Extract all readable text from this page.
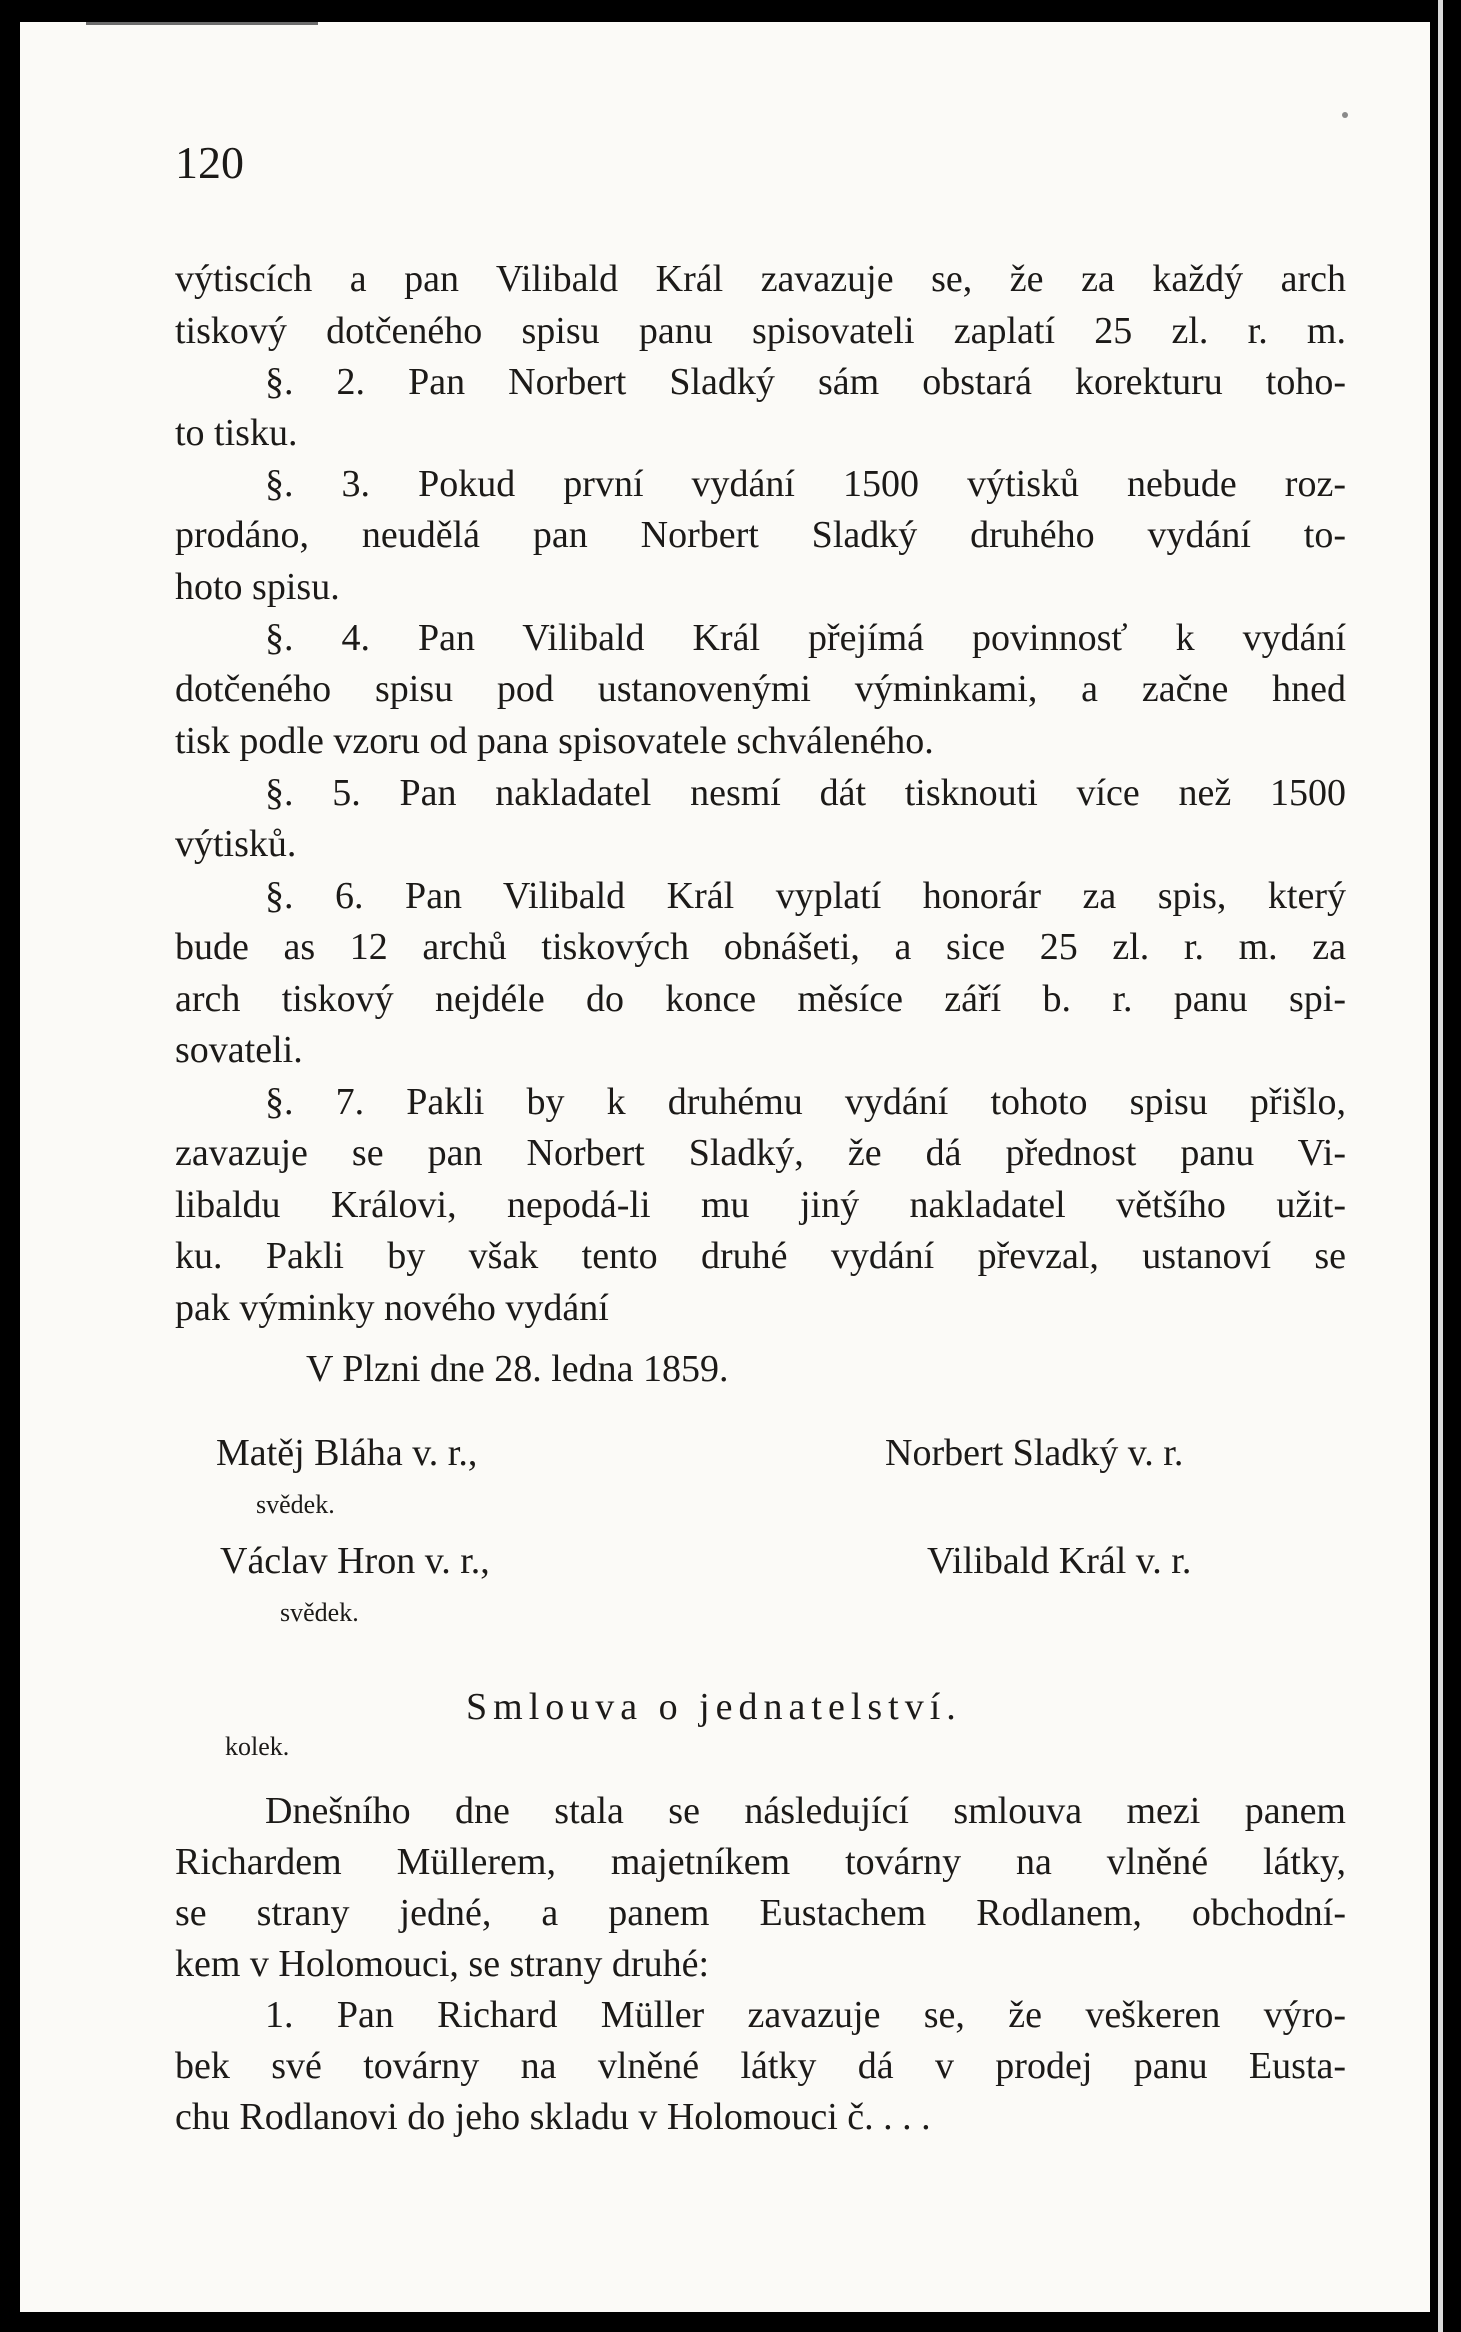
120
výtiscích a pan Vilibald Král zavazuje se, že za každý arch
tiskový dotčeného spisu panu spisovateli zaplatí 25 zl. r. m.
§. 2. Pan Norbert Sladký sám obstará korekturu toho-
to tisku.
§. 3. Pokud první vydání 1500 výtisků nebude roz-
prodáno, neudělá pan Norbert Sladký druhého vydání to-
hoto spisu.
§. 4. Pan Vilibald Král přejímá povinnosť k vydání
dotčeného spisu pod ustanovenými výminkami, a začne hned
tisk podle vzoru od pana spisovatele schváleného.
§. 5. Pan nakladatel nesmí dát tisknouti více než 1500
výtisků.
§. 6. Pan Vilibald Král vyplatí honorár za spis, který
bude as 12 archů tiskových obnášeti, a sice 25 zl. r. m. za
arch tiskový nejdéle do konce měsíce září b. r. panu spi-
sovateli.
§. 7. Pakli by k druhému vydání tohoto spisu přišlo,
zavazuje se pan Norbert Sladký, že dá přednost panu Vi-
libaldu Královi, nepodá-li mu jiný nakladatel většího užit-
ku. Pakli by však tento druhé vydání převzal, ustanoví se
pak výminky nového vydání
V Plzni dne 28. ledna 1859.
Matěj Bláha v. r.,
svědek.
Norbert Sladký v. r.
Václav Hron v. r.,
svědek.
Vilibald Král v. r.
Smlouva o jednatelství.
kolek.
Dnešního dne stala se následující smlouva mezi panem
Richardem Müllerem, majetníkem továrny na vlněné látky,
se strany jedné, a panem Eustachem Rodlanem, obchodní-
kem v Holomouci, se strany druhé:
1. Pan Richard Müller zavazuje se, že veškeren výro-
bek své továrny na vlněné látky dá v prodej panu Eusta-
chu Rodlanovi do jeho skladu v Holomouci č. . . .
